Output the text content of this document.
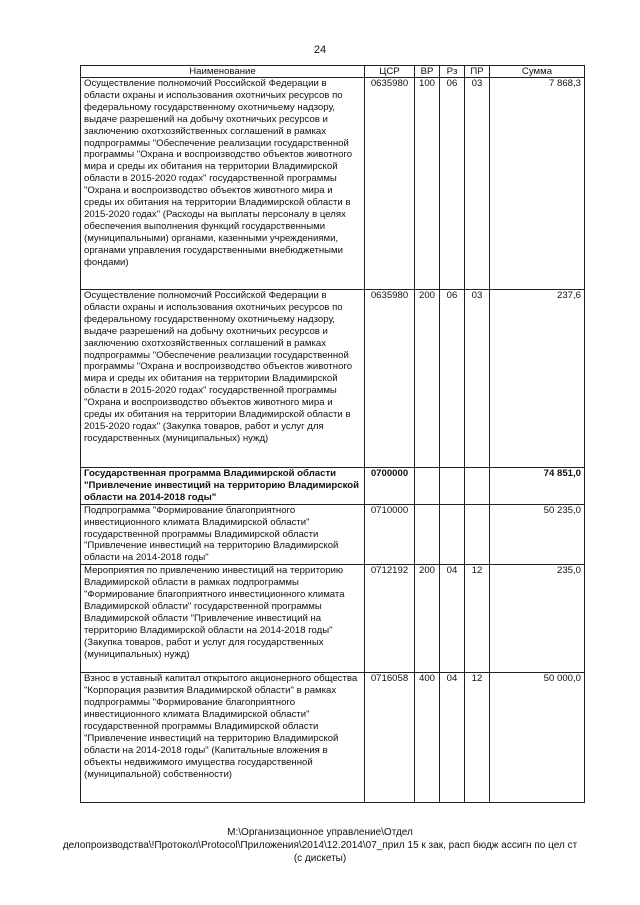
24
Наименование	ЦСР	ВР	Рз	ПР	Сумма
Осуществление полномочий Российской Федерации в области охраны и использования охотничьих ресурсов по федеральному государственному охотничьему надзору, выдаче разрешений на добычу охотничьих ресурсов и заключению охотхозяйственных соглашений в рамках подпрограммы "Обеспечение реализации государственной программы "Охрана и воспроизводство объектов животного мира и среды их обитания на территории Владимирской области в 2015-2020 годах" государственной программы "Охрана и воспроизводство объектов животного мира и среды их обитания на территории Владимирской области в 2015-2020 годах" (Расходы на выплаты персоналу в целях обеспечения выполнения функций государственными (муниципальными) органами, казенными учреждениями, органами управления государственными внебюджетными фондами)	0635980	100	06	03	7 868,3
Осуществление полномочий Российской Федерации в области охраны и использования охотничьих ресурсов по федеральному государственному охотничьему надзору, выдаче разрешений на добычу охотничьих ресурсов и заключению охотхозяйственных соглашений в рамках подпрограммы "Обеспечение реализации государственной программы "Охрана и воспроизводство объектов животного мира и среды их обитания на территории Владимирской области в 2015-2020 годах" государственной программы "Охрана и воспроизводство объектов животного мира и среды их обитания на территории Владимирской области в 2015-2020 годах" (Закупка товаров, работ и услуг для государственных (муниципальных) нужд)	0635980	200	06	03	237,6
Государственная программа Владимирской области "Привлечение инвестиций на территорию Владимирской области на 2014-2018 годы"	0700000				74 851,0
Подпрограмма "Формирование благоприятного инвестиционного климата Владимирской области" государственной программы Владимирской области "Привлечение инвестиций на территорию Владимирской области на 2014-2018 годы"	0710000				50 235,0
Мероприятия по привлечению инвестиций на территорию Владимирской области в рамках подпрограммы "Формирование благоприятного инвестиционного климата Владимирской области" государственной программы Владимирской области "Привлечение инвестиций на территорию Владимирской области на 2014-2018 годы" (Закупка товаров, работ и услуг для государственных (муниципальных) нужд)	0712192	200	04	12	235,0
Взнос в уставный капитал открытого акционерного общества "Корпорация развития Владимирской области" в рамках подпрограммы "Формирование благоприятного инвестиционного климата Владимирской области" государственной программы Владимирской области "Привлечение инвестиций на территорию Владимирской области на 2014-2018 годы" (Капитальные вложения в объекты недвижимого имущества государственной (муниципальной) собственности)	0716058	400	04	12	50 000,0
М:\Организационное управление\Отдел
делопроизводства\!Протокол\Protocol\Приложения\2014\12.2014\07_прил 15 к зак, расп бюдж ассигн по цел ст
(с дискеты)
